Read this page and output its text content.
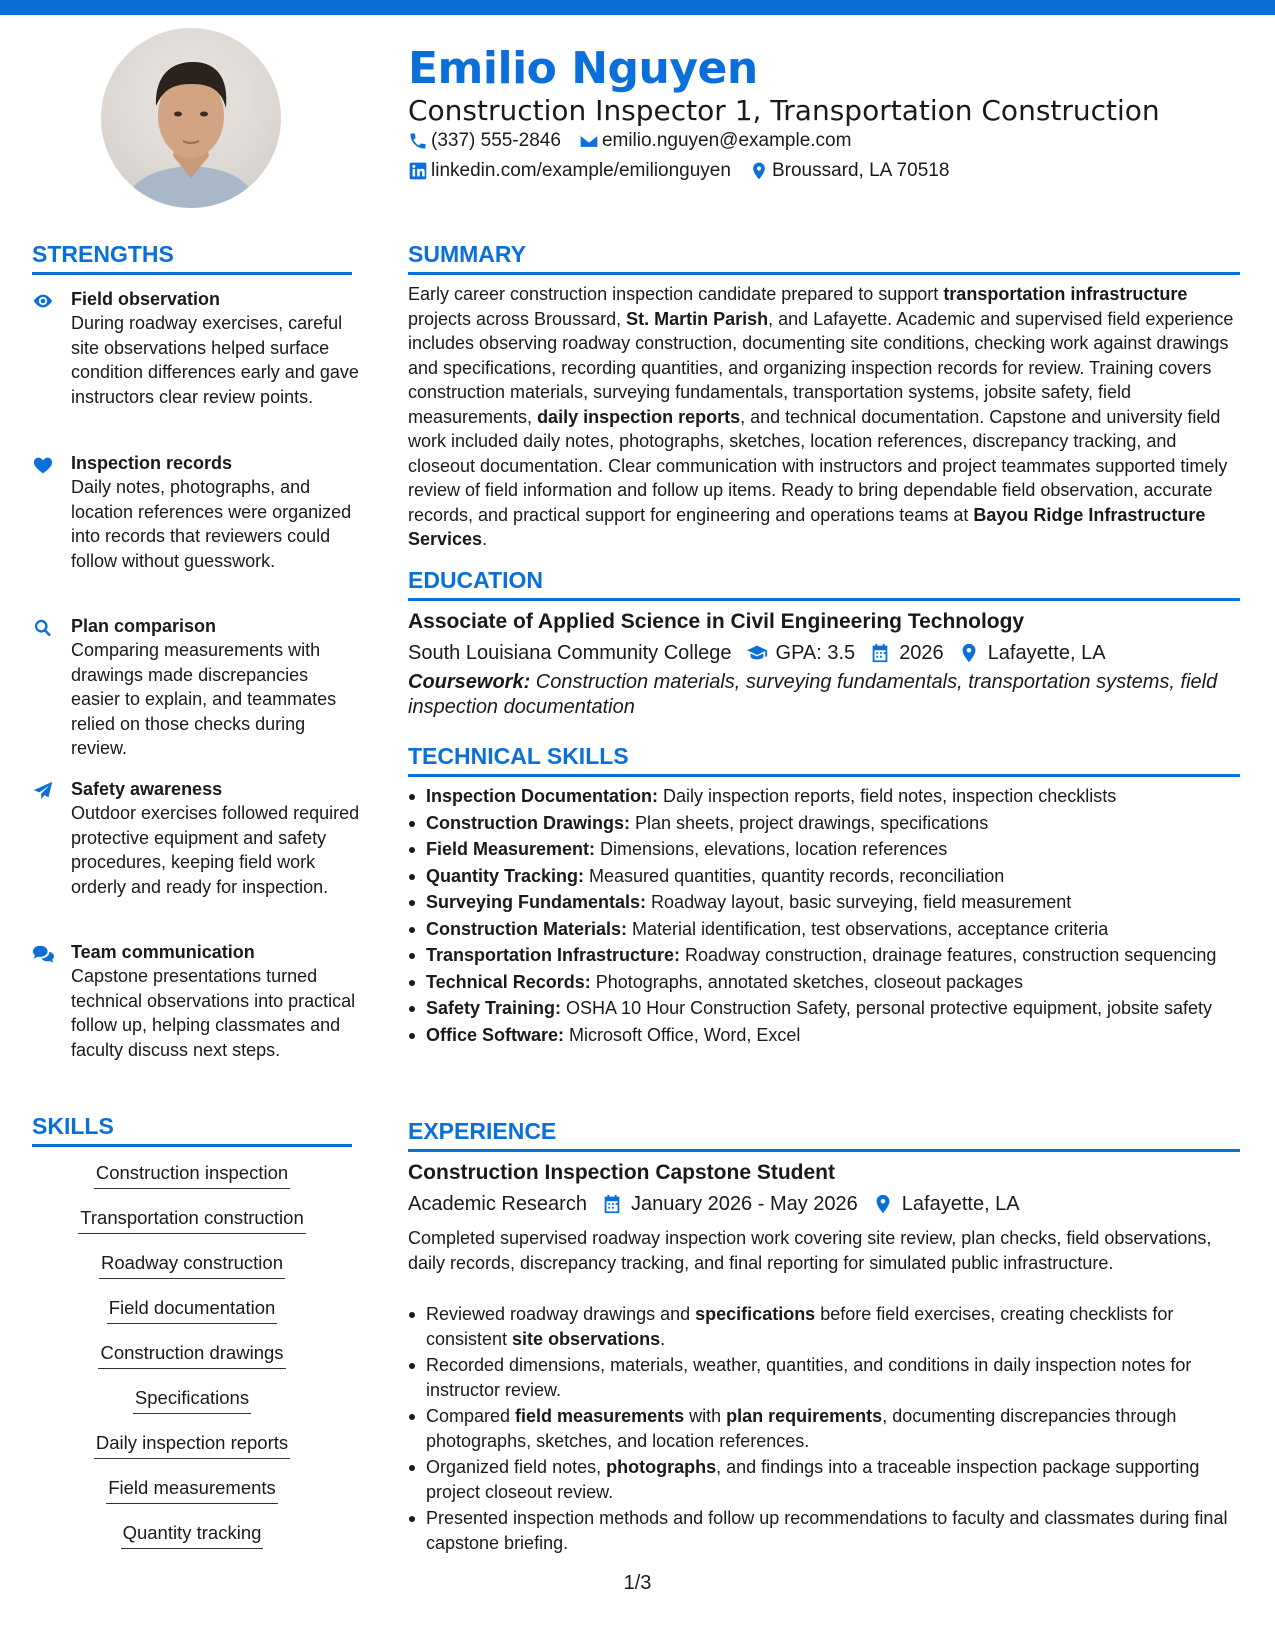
Emilio Nguyen
Construction Inspector 1, Transportation Construction
(337) 555-2846 emilio.nguyen@example.com
linkedin.com/example/emilionguyen Broussard, LA 70518
STRENGTHS
Field observation
During roadway exercises, careful site observations helped surface condition differences early and gave instructors clear review points.
Inspection records
Daily notes, photographs, and location references were organized into records that reviewers could follow without guesswork.
Plan comparison
Comparing measurements with drawings made discrepancies easier to explain, and teammates relied on those checks during review.
Safety awareness
Outdoor exercises followed required protective equipment and safety procedures, keeping field work orderly and ready for inspection.
Team communication
Capstone presentations turned technical observations into practical follow up, helping classmates and faculty discuss next steps.
SKILLS
Construction inspection
Transportation construction
Roadway construction
Field documentation
Construction drawings
Specifications
Daily inspection reports
Field measurements
Quantity tracking
SUMMARY
Early career construction inspection candidate prepared to support transportation infrastructure projects across Broussard, St. Martin Parish, and Lafayette. Academic and supervised field experience includes observing roadway construction, documenting site conditions, checking work against drawings and specifications, recording quantities, and organizing inspection records for review. Training covers construction materials, surveying fundamentals, transportation systems, jobsite safety, field measurements, daily inspection reports, and technical documentation. Capstone and university field work included daily notes, photographs, sketches, location references, discrepancy tracking, and closeout documentation. Clear communication with instructors and project teammates supported timely review of field information and follow up items. Ready to bring dependable field observation, accurate records, and practical support for engineering and operations teams at Bayou Ridge Infrastructure Services.
EDUCATION
Associate of Applied Science in Civil Engineering Technology
South Louisiana Community College GPA: 3.5 2026 Lafayette, LA
Coursework: Construction materials, surveying fundamentals, transportation systems, field inspection documentation
TECHNICAL SKILLS
Inspection Documentation: Daily inspection reports, field notes, inspection checklists
Construction Drawings: Plan sheets, project drawings, specifications
Field Measurement: Dimensions, elevations, location references
Quantity Tracking: Measured quantities, quantity records, reconciliation
Surveying Fundamentals: Roadway layout, basic surveying, field measurement
Construction Materials: Material identification, test observations, acceptance criteria
Transportation Infrastructure: Roadway construction, drainage features, construction sequencing
Technical Records: Photographs, annotated sketches, closeout packages
Safety Training: OSHA 10 Hour Construction Safety, personal protective equipment, jobsite safety
Office Software: Microsoft Office, Word, Excel
EXPERIENCE
Construction Inspection Capstone Student
Academic Research January 2026 - May 2026 Lafayette, LA
Completed supervised roadway inspection work covering site review, plan checks, field observations, daily records, discrepancy tracking, and final reporting for simulated public infrastructure.
Reviewed roadway drawings and specifications before field exercises, creating checklists for consistent site observations.
Recorded dimensions, materials, weather, quantities, and conditions in daily inspection notes for instructor review.
Compared field measurements with plan requirements, documenting discrepancies through photographs, sketches, and location references.
Organized field notes, photographs, and findings into a traceable inspection package supporting project closeout review.
Presented inspection methods and follow up recommendations to faculty and classmates during final capstone briefing.
1/3
